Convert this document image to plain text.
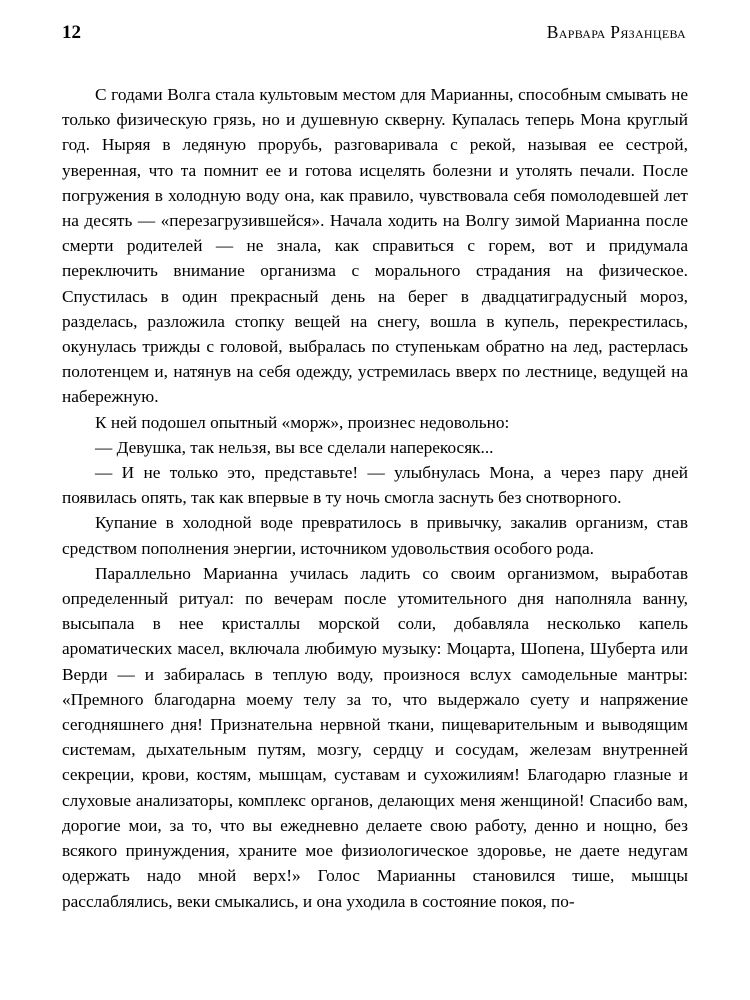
12	Варвара Рязанцева

С годами Волга стала культовым местом для Марианны, способным смывать не только физическую грязь, но и душевную скверну. Купалась теперь Мона круглый год. Ныряя в ледяную прорубь, разговаривала с рекой, называя ее сестрой, уверенная, что та помнит ее и готова исцелять болезни и утолять печали. После погружения в холодную воду она, как правило, чувствовала себя помолодевшей лет на десять — «перезагрузившейся». Начала ходить на Волгу зимой Марианна после смерти родителей — не знала, как справиться с горем, вот и придумала переключить внимание организма с морального страдания на физическое. Спустилась в один прекрасный день на берег в двадцатиградусный мороз, разделась, разложила стопку вещей на снегу, вошла в купель, перекрестилась, окунулась трижды с головой, выбралась по ступенькам обратно на лед, растерлась полотенцем и, натянув на себя одежду, устремилась вверх по лестнице, ведущей на набережную.

К ней подошел опытный «морж», произнес недовольно:

— Девушка, так нельзя, вы все сделали наперекосяк...

— И не только это, представьте! — улыбнулась Мона, а через пару дней появилась опять, так как впервые в ту ночь смогла заснуть без снотворного.

Купание в холодной воде превратилось в привычку, закалив организм, став средством пополнения энергии, источником удовольствия особого рода.

Параллельно Марианна училась ладить со своим организмом, выработав определенный ритуал: по вечерам после утомительного дня наполняла ванну, высыпала в нее кристаллы морской соли, добавляла несколько капель ароматических масел, включала любимую музыку: Моцарта, Шопена, Шуберта или Верди — и забиралась в теплую воду, произнося вслух самодельные мантры: «Премного благодарна моему телу за то, что выдержало суету и напряжение сегодняшнего дня! Признательна нервной ткани, пищеварительным и выводящим системам, дыхательным путям, мозгу, сердцу и сосудам, железам внутренней секреции, крови, костям, мышцам, суставам и сухожилиям! Благодарю глазные и слуховые анализаторы, комплекс органов, делающих меня женщиной! Спасибо вам, дорогие мои, за то, что вы ежедневно делаете свою работу, денно и нощно, без всякого принуждения, храните мое физиологическое здоровье, не даете недугам одержать надо мной верх!» Голос Марианны становился тише, мышцы расслаблялись, веки смыкались, и она уходила в состояние покоя, по-
